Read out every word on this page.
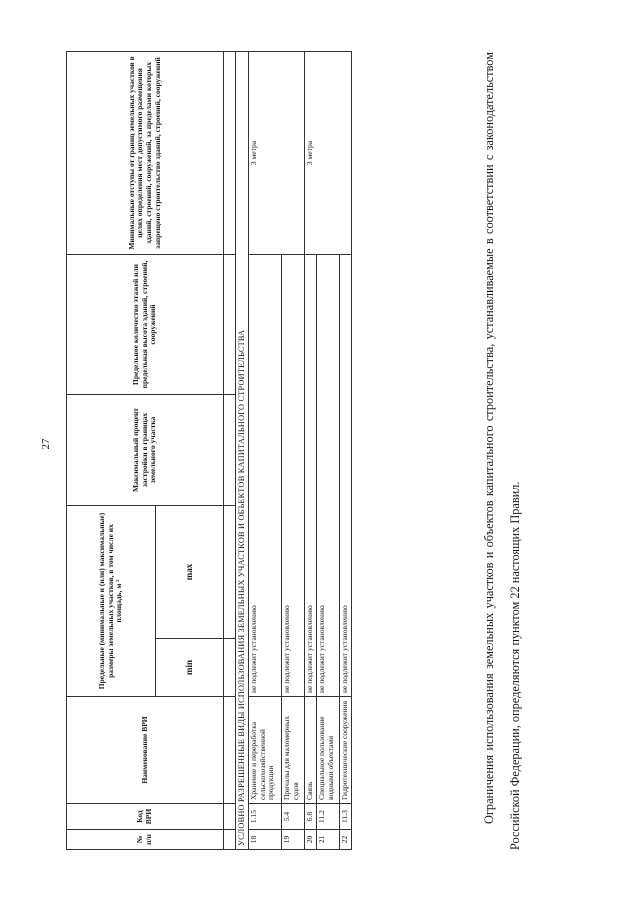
27
№ п/п	Код ВРИ	Наименование ВРИ	Предельные (минимальные и (или) максимальные) размеры земельных участков, в том числе их площадь, м ²		Максимальный процент застройки в границах земельного участка	Предельное количество этажей или предельная высота зданий, строений, сооружений	Минимальные отступы от границ земельных участков в целях определения мест допустимого размещения зданий, строений, сооружений, за пределами которых запрещено строительство зданий, строений, сооружений
			min	max			

УСЛОВНО РАЗРЕШЕННЫЕ ВИДЫ ИСПОЛЬЗОВАНИЯ ЗЕМЕЛЬНЫХ УЧАСТКОВ И ОБЪЕКТОВ КАПИТАЛЬНОГО СТРОИТЕЛЬСТВА							
18	1.15	Хранение и переработка сельскохозяйственной продукции	не подлежит установлению				3 метра
19	5.4	Причалы для маломерных судов	не подлежит установлению				
20	6.8	Связь	не подлежит установлению				3 метра
21	11.2	Специальное пользование водными объектами	не подлежит установлению				
22	11.3	Гидротехнические сооружения	не подлежит установлению					Ограничения использования земельных участков и объектов капитального строительства, устанавливаемые в соответствии с законодательством Российской Федерации, определяются пунктом 22 настоящих Правил.
